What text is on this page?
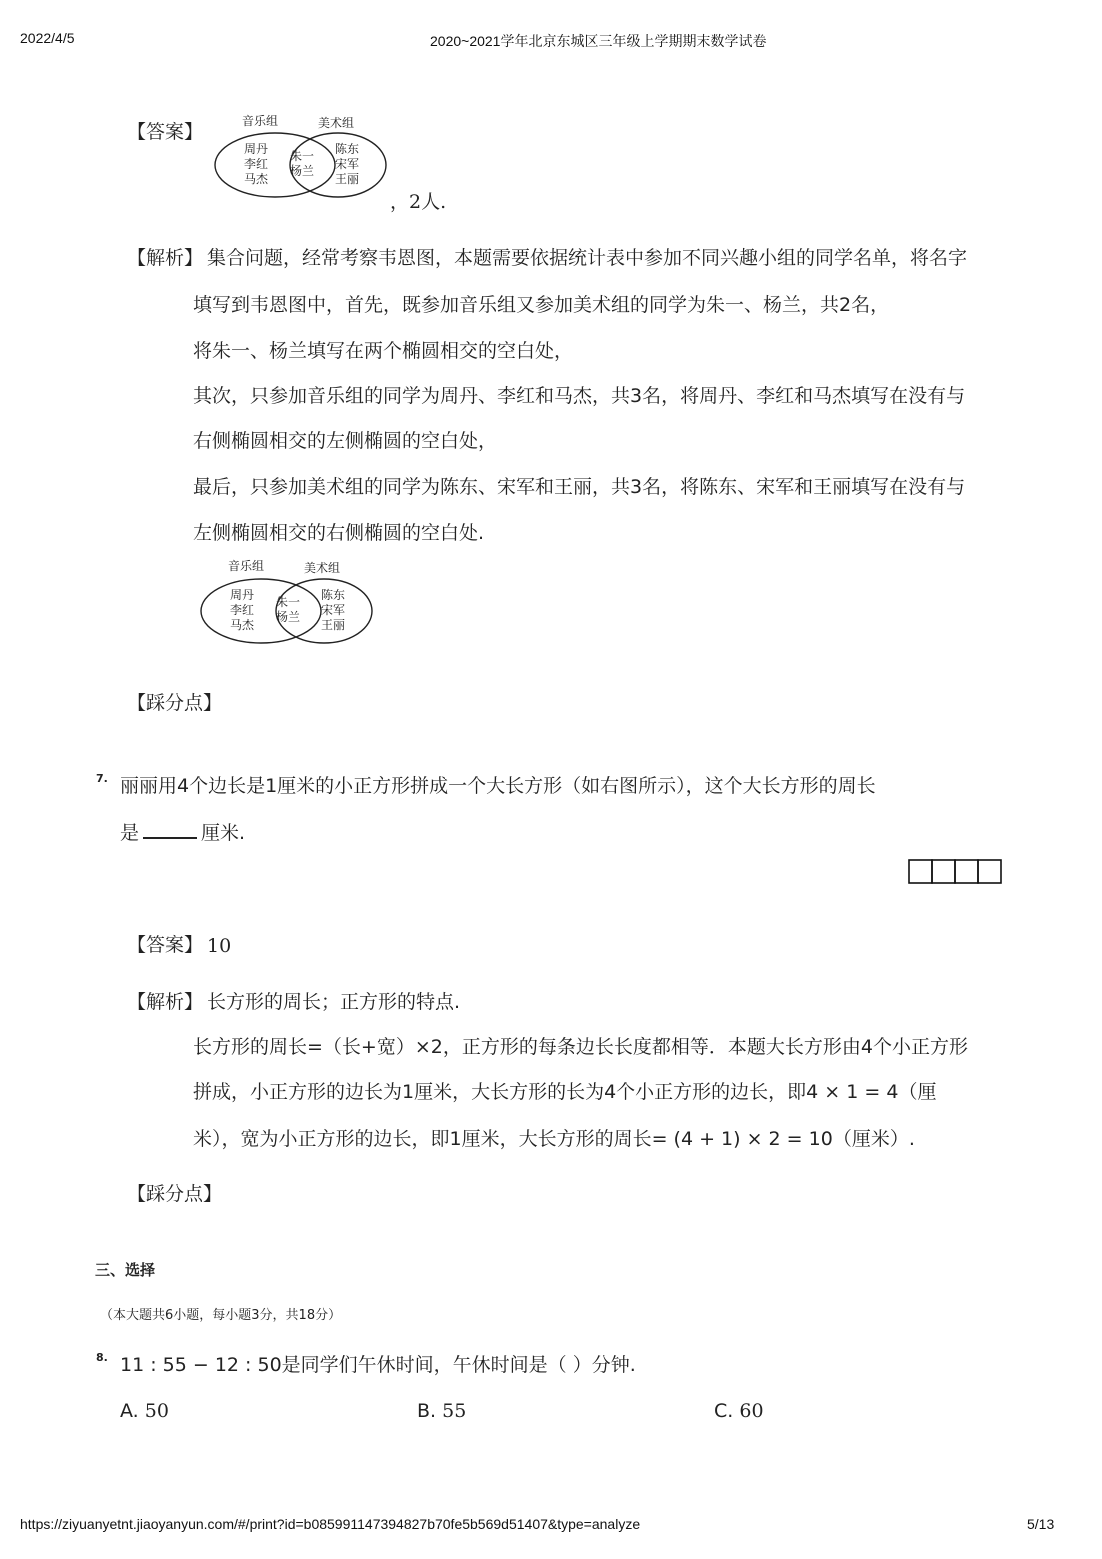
2022/4/5	2020~2021学年北京东城区三年级上学期期末数学试卷
【答案】	音乐组	美术组
周丹
李红
马杰
朱一
杨兰
陈东
宋军
王丽
，2人.
【解析】 集合问题，经常考察韦恩图，本题需要依据统计表中参加不同兴趣小组的同学名单，将名字
填写到韦恩图中，首先，既参加音乐组又参加美术组的同学为朱一、杨兰，共2名，
将朱一、杨兰填写在两个椭圆相交的空白处，
其次，只参加音乐组的同学为周丹、李红和马杰，共3名，将周丹、李红和马杰填写在没有与
右侧椭圆相交的左侧椭圆的空白处，
最后，只参加美术组的同学为陈东、宋军和王丽，共3名，将陈东、宋军和王丽填写在没有与
左侧椭圆相交的右侧椭圆的空白处.
音乐组	美术组
周丹
李红
马杰
朱一
杨兰
陈东
宋军
王丽
【踩分点】
7. 丽丽用4个边长是1厘米的小正方形拼成一个大长方形（如右图所示），这个大长方形的周长
是	厘米.
【答案】 10
【解析】 长方形的周长；正方形的特点.
长方形的周长=（长+宽）×2，正方形的每条边长长度都相等．本题大长方形由4个小正方形
拼成，小正方形的边长为1厘米，大长方形的长为4个小正方形的边长，即4 × 1 = 4（厘
米），宽为小正方形的边长，即1厘米，大长方形的周长= (4 + 1) × 2 = 10（厘米）.
【踩分点】
三、选择
（本大题共6小题，每小题3分，共18分）
8. 11 : 55 − 12 : 50是同学们午休时间，午休时间是（ ）分钟.
A. 50	B. 55	C. 60
https://ziyuanyetnt.jiaoyanyun.com/#/print?id=b085991147394827b70fe5b569d51407&type=analyze	5/13
